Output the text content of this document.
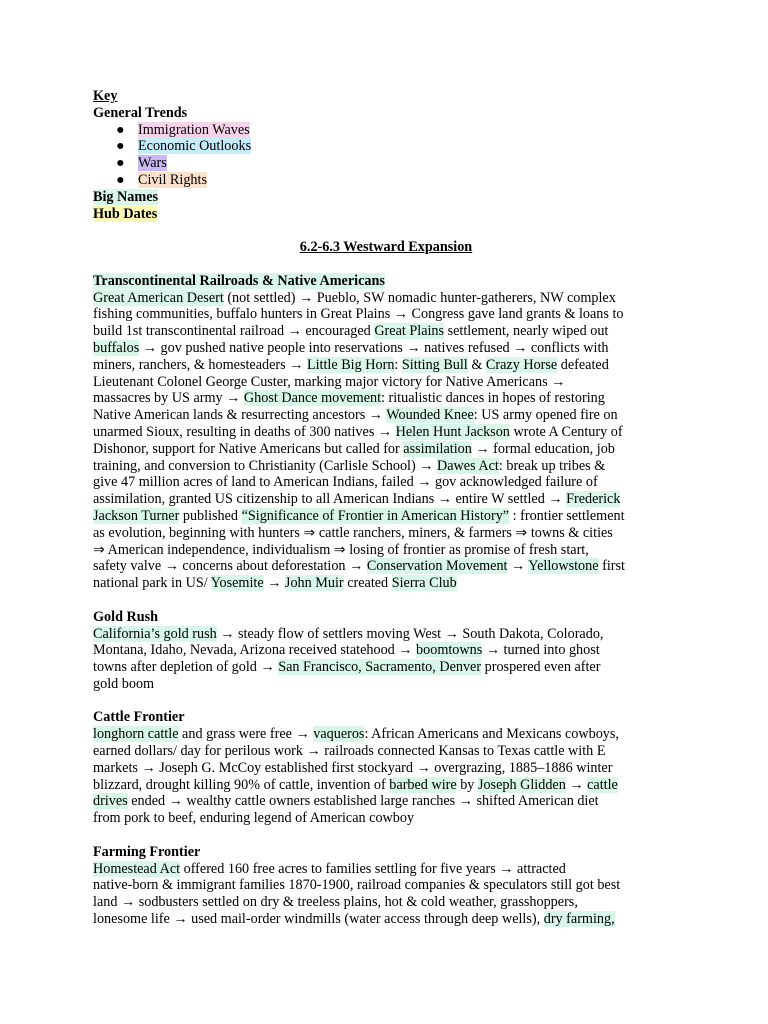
Key
General Trends
● Immigration Waves
● Economic Outlooks
● Wars
● Civil Rights
Big Names
Hub Dates
6.2-6.3 Westward Expansion
Transcontinental Railroads & Native Americans
Great American Desert (not settled) → Pueblo, SW nomadic hunter-gatherers, NW complex
fishing communities, buffalo hunters in Great Plains → Congress gave land grants & loans to
build 1st transcontinental railroad → encouraged Great Plains settlement, nearly wiped out
buffalos → gov pushed native people into reservations → natives refused → conflicts with
miners, ranchers, & homesteaders → Little Big Horn: Sitting Bull & Crazy Horse defeated
Lieutenant Colonel George Custer, marking major victory for Native Americans →
massacres by US army → Ghost Dance movement: ritualistic dances in hopes of restoring
Native American lands & resurrecting ancestors → Wounded Knee: US army opened fire on
unarmed Sioux, resulting in deaths of 300 natives → Helen Hunt Jackson wrote A Century of
Dishonor, support for Native Americans but called for assimilation → formal education, job
training, and conversion to Christianity (Carlisle School) → Dawes Act: break up tribes &
give 47 million acres of land to American Indians, failed → gov acknowledged failure of
assimilation, granted US citizenship to all American Indians → entire W settled → Frederick
Jackson Turner published “Significance of Frontier in American History” : frontier settlement
as evolution, beginning with hunters ⇒ cattle ranchers, miners, & farmers ⇒ towns & cities
⇒ American independence, individualism ⇒ losing of frontier as promise of fresh start,
safety valve → concerns about deforestation → Conservation Movement → Yellowstone first
national park in US/ Yosemite → John Muir created Sierra Club
Gold Rush
California’s gold rush → steady flow of settlers moving West → South Dakota, Colorado,
Montana, Idaho, Nevada, Arizona received statehood → boomtowns → turned into ghost
towns after depletion of gold → San Francisco, Sacramento, Denver prospered even after
gold boom
Cattle Frontier
longhorn cattle and grass were free → vaqueros: African Americans and Mexicans cowboys,
earned dollars/ day for perilous work → railroads connected Kansas to Texas cattle with E
markets → Joseph G. McCoy established first stockyard → overgrazing, 1885–1886 winter
blizzard, drought killing 90% of cattle, invention of barbed wire by Joseph Glidden → cattle
drives ended → wealthy cattle owners established large ranches → shifted American diet
from pork to beef, enduring legend of American cowboy
Farming Frontier
Homestead Act offered 160 free acres to families settling for five years → attracted
native-born & immigrant families 1870-1900, railroad companies & speculators still got best
land → sodbusters settled on dry & treeless plains, hot & cold weather, grasshoppers,
lonesome life → used mail-order windmills (water access through deep wells), dry farming,
